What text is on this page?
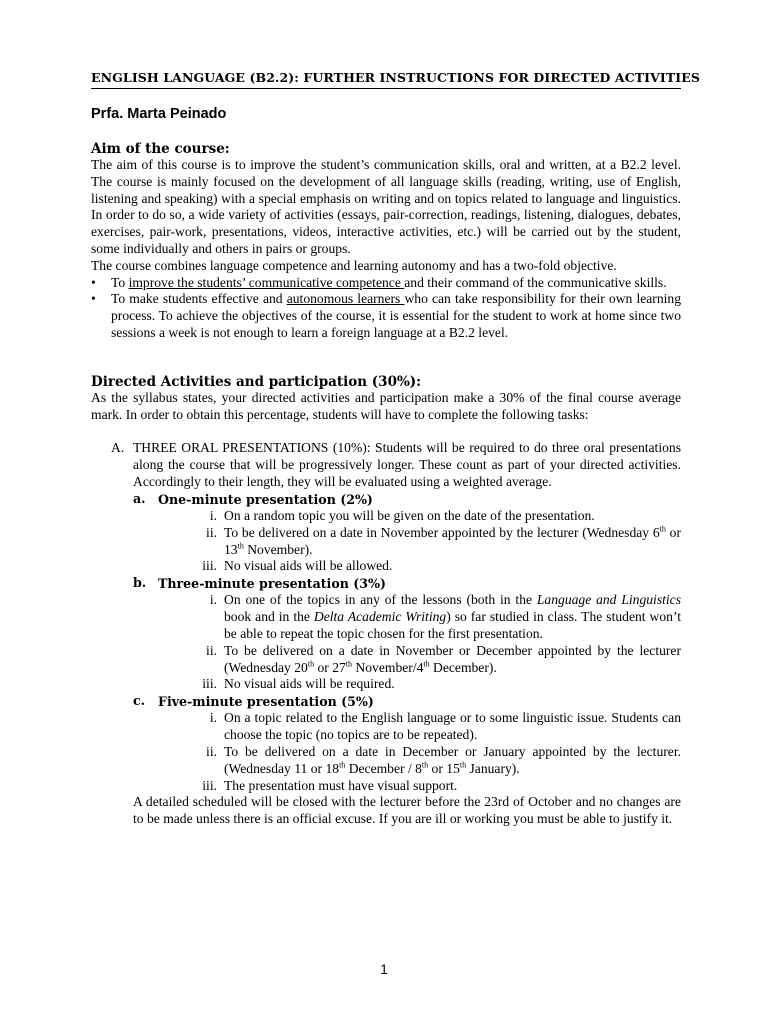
ENGLISH LANGUAGE (B2.2): FURTHER INSTRUCTIONS FOR DIRECTED ACTIVITIES

Prfa. Marta Peinado

Aim of the course:

The aim of this course is to improve the student’s communication skills, oral and written, at a B2.2 level. The course is mainly focused on the development of all language skills (reading, writing, use of English, listening and speaking) with a special emphasis on writing and on topics related to language and linguistics. In order to do so, a wide variety of activities (essays, pair-correction, readings, listening, dialogues, debates, exercises, pair-work, presentations, videos, interactive activities, etc.) will be carried out by the student, some individually and others in pairs or groups.

The course combines language competence and learning autonomy and has a two-fold objective.

• To improve the students’ communicative competence and their command of the communicative skills.
• To make students effective and autonomous learners who can take responsibility for their own learning process. To achieve the objectives of the course, it is essential for the student to work at home since two sessions a week is not enough to learn a foreign language at a B2.2 level.
Directed Activities and participation (30%):

As the syllabus states, your directed activities and participation make a 30% of the final course average mark. In order to obtain this percentage, students will have to complete the following tasks:

A. THREE ORAL PRESENTATIONS (10%): Students will be required to do three oral presentations along the course that will be progressively longer. These count as part of your directed activities. Accordingly to their length, they will be evaluated using a weighted average.

a. One-minute presentation (2%)
i. On a random topic you will be given on the date of the presentation.
ii. To be delivered on a date in November appointed by the lecturer (Wednesday 6th or 13th November).
iii. No visual aids will be allowed.
b. Three-minute presentation (3%)
i. On one of the topics in any of the lessons (both in the Language and Linguistics book and in the Delta Academic Writing) so far studied in class. The student won’t be able to repeat the topic chosen for the first presentation.
ii. To be delivered on a date in November or December appointed by the lecturer (Wednesday 20th or 27th November/4th December).
iii. No visual aids will be required.
c. Five-minute presentation (5%)
i. On a topic related to the English language or to some linguistic issue. Students can choose the topic (no topics are to be repeated).
ii. To be delivered on a date in December or January appointed by the lecturer. (Wednesday 11 or 18th December / 8th or 15th January).
iii. The presentation must have visual support.

A detailed scheduled will be closed with the lecturer before the 23rd of October and no changes are to be made unless there is an official excuse. If you are ill or working you must be able to justify it.

1
